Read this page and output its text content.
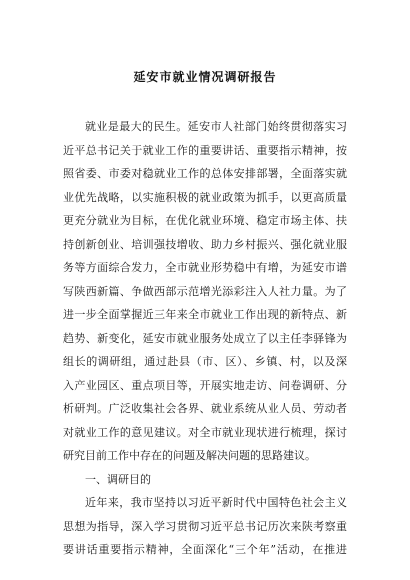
延安市就业情况调研报告
就业是最大的民生。延安市人社部门始终贯彻落实习
近平总书记关于就业工作的重要讲话、重要指示精神，按
照省委、市委对稳就业工作的总体安排部署，全面落实就
业优先战略，以实施积极的就业政策为抓手，以更高质量
更充分就业为目标，在优化就业环境、稳定市场主体、扶
持创新创业、培训强技增收、助力乡村振兴、强化就业服
务等方面综合发力，全市就业形势稳中有增，为延安市谱
写陕西新篇、争做西部示范增光添彩注入人社力量。为了
进一步全面掌握近三年来全市就业工作出现的新特点、新
趋势、新变化，延安市就业服务处成立了以主任李驿锋为
组长的调研组，通过赴县（市、区）、乡镇、村，以及深
入产业园区、重点项目等，开展实地走访、问卷调研、分
析研判。广泛收集社会各界、就业系统从业人员、劳动者
对就业工作的意见建议。对全市就业现状进行梳理，探讨
研究目前工作中存在的问题及解决问题的思路建议。
一、调研目的
近年来，我市坚持以习近平新时代中国特色社会主义
思想为指导，深入学习贯彻习近平总书记历次来陕考察重
要讲话重要指示精神，全面深化“三个年”活动，在推进
